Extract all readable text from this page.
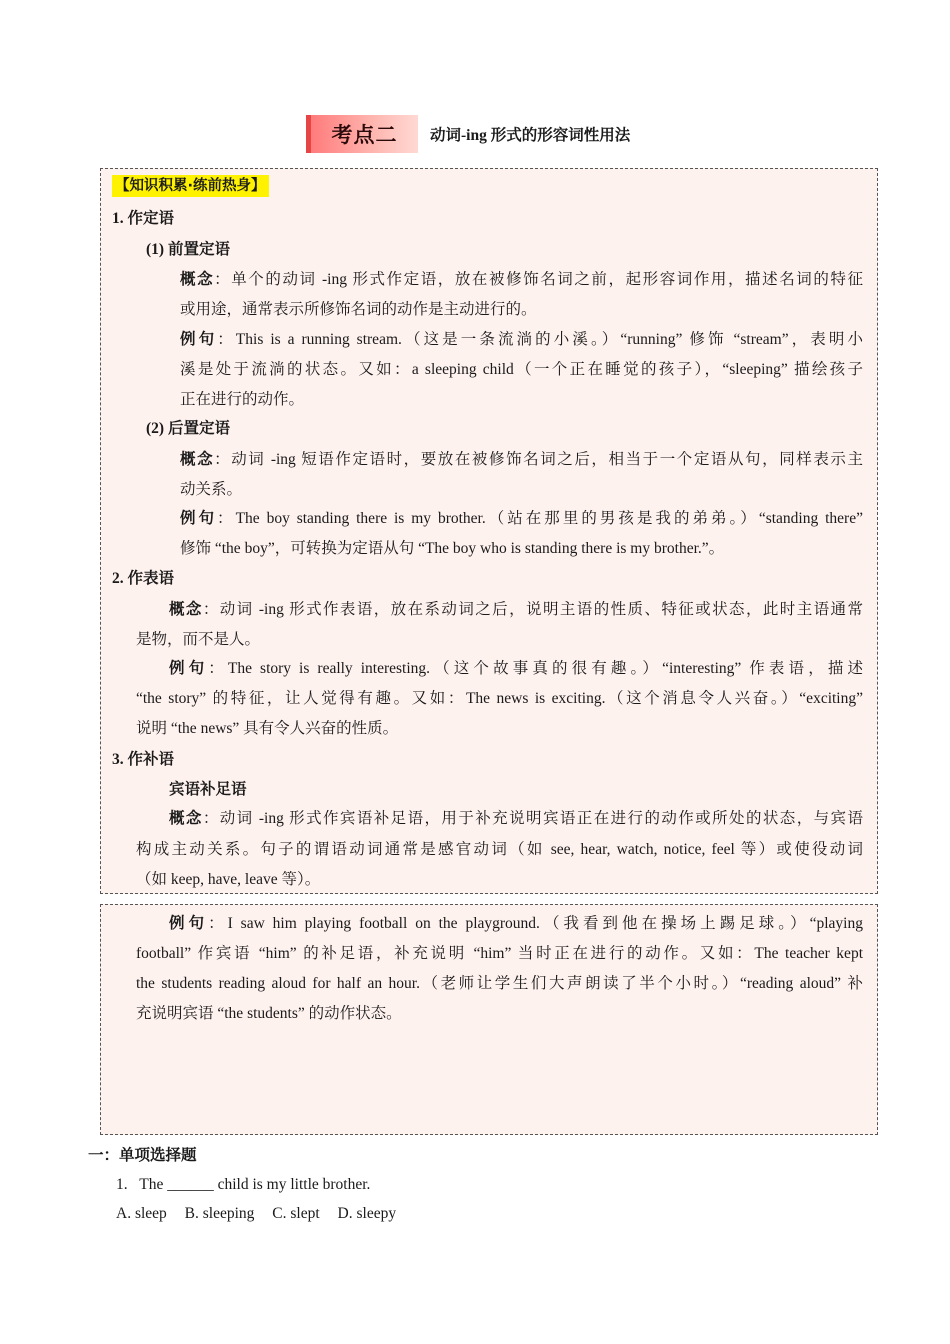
考点二	动词-ing 形式的形容词性用法
【知识积累·练前热身】
1. 作定语
(1) 前置定语
概念：单个的动词 -ing 形式作定语，放在被修饰名词之前，起形容词作用，描述名词的特征
或用途，通常表示所修饰名词的动作是主动进行的。
例句：This is a running stream.（这是一条流淌的小溪。）“running” 修饰 “stream”，表明小
溪是处于流淌的状态。又如：a sleeping child（一个正在睡觉的孩子），“sleeping” 描绘孩子
正在进行的动作。
(2) 后置定语
概念：动词 -ing 短语作定语时，要放在被修饰名词之后，相当于一个定语从句，同样表示主
动关系。
例句：The boy standing there is my brother.（站在那里的男孩是我的弟弟。）“standing there”
修饰 “the boy”，可转换为定语从句 “The boy who is standing there is my brother.”。
2. 作表语
概念：动词 -ing 形式作表语，放在系动词之后，说明主语的性质、特征或状态，此时主语通常
是物，而不是人。
例句：The story is really interesting.（这个故事真的很有趣。）“interesting” 作表语，描述
“the story” 的特征，让人觉得有趣。又如：The news is exciting.（这个消息令人兴奋。）“exciting”
说明 “the news” 具有令人兴奋的性质。
3. 作补语
宾语补足语
概念：动词 -ing 形式作宾语补足语，用于补充说明宾语正在进行的动作或所处的状态，与宾语
构成主动关系。句子的谓语动词通常是感官动词（如 see, hear, watch, notice, feel 等）或使役动词
（如 keep, have, leave 等）。
例句：I saw him playing football on the playground.（我看到他在操场上踢足球。）“playing
football” 作宾语 “him” 的补足语，补充说明 “him” 当时正在进行的动作。又如：The teacher kept
the students reading aloud for half an hour.（老师让学生们大声朗读了半个小时。）“reading aloud” 补
充说明宾语 “the students” 的动作状态。
一：单项选择题
1.   The ______ child is my little brother.
A. sleep B. sleeping C. slept D. sleepy
